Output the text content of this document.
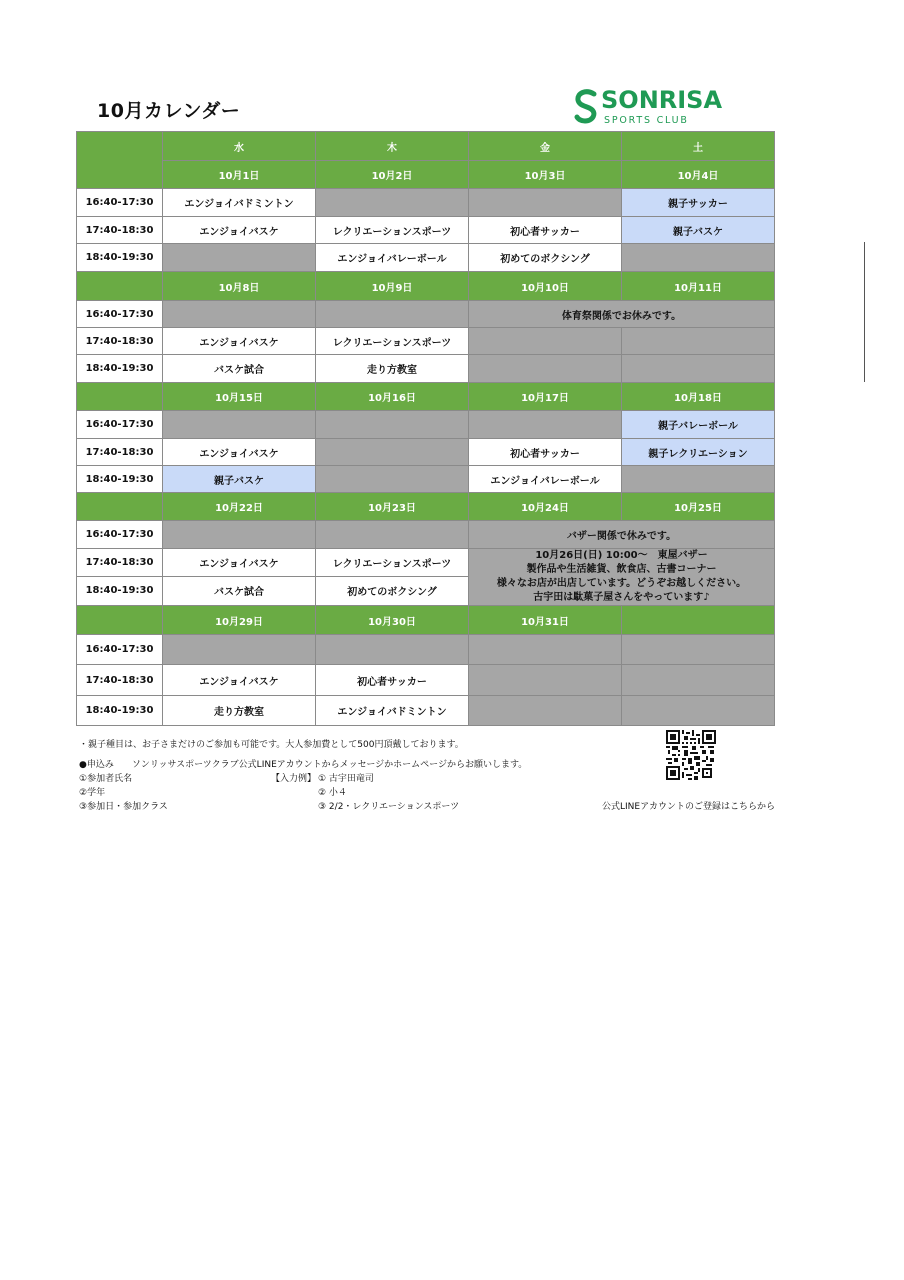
10月カレンダー	SONRISA
SPORTS CLUB
	水	木	金	土
	10月1日	10月2日	10月3日	10月4日
16:40-17:30	エンジョイバドミントン			親子サッカー
17:40-18:30	エンジョイバスケ	レクリエーションスポーツ	初心者サッカー	親子バスケ
18:40-19:30		エンジョイバレーボール	初めてのボクシング	
	10月8日	10月9日	10月10日	10月11日
16:40-17:30			体育祭関係でお休みです。	
17:40-18:30	エンジョイバスケ	レクリエーションスポーツ		
18:40-19:30	バスケ試合	走り方教室		
	10月15日	10月16日	10月17日	10月18日
16:40-17:30				親子バレーボール
17:40-18:30	エンジョイバスケ		初心者サッカー	親子レクリエーション
18:40-19:30	親子バスケ		エンジョイバレーボール	
	10月22日	10月23日	10月24日	10月25日
16:40-17:30			バザー関係で休みです。	
17:40-18:30	エンジョイバスケ	レクリエーションスポーツ	10月26日(日) 10:00〜　東屋バザー
製作品や生活雑貨、飲食店、古書コーナー
様々なお店が出店しています。どうぞお越しください。
古宇田は駄菓子屋さんをやっています♪	

18:40-19:30	バスケ試合	初めてのボクシング		
	10月29日	10月30日	10月31日	
16:40-17:30				
17:40-18:30	エンジョイバスケ	初心者サッカー		
18:40-19:30	走り方教室	エンジョイバドミントン		
・親子種目は、お子さまだけのご参加も可能です。大人参加費として500円頂戴しております。
●申込み　　ソンリッサスポーツクラブ公式LINEアカウントからメッセージかホームページからお願いします。
①参加者氏名	【入力例】 ① 古宇田竜司
②学年	② 小４
③参加日・参加クラス	③ 2/2・レクリエーションスポーツ	公式LINEアカウントのご登録はこちらから
